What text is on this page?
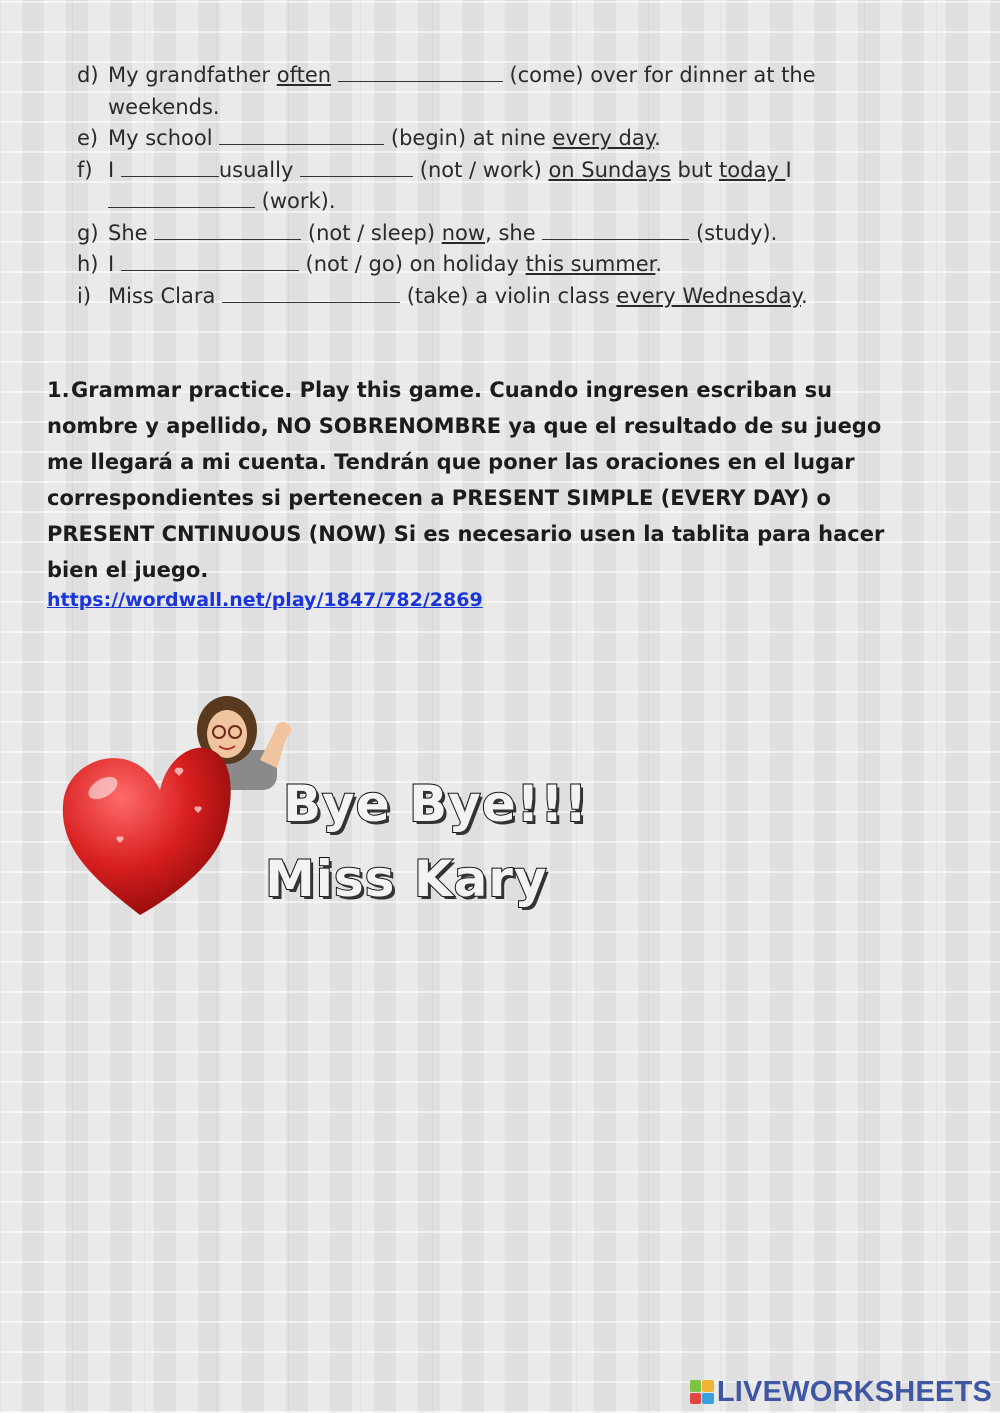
d) My grandfather often	(come) over for dinner at the weekends.
e) My school	(begin) at nine every day.
f) I	usually	(not / work) on Sundays but today I  (work).
g) She	(not / sleep) now, she	(study).
h) I	(not / go) on holiday this summer.
i) Miss Clara	(take) a violin class every Wednesday.
1.Grammar practice. Play this game. Cuando ingresen escriban su nombre y apellido, NO SOBRENOMBRE ya que el resultado de su juego me llegará a mi cuenta. Tendrán que poner las oraciones en el lugar correspondientes si pertenecen a PRESENT SIMPLE (EVERY DAY) o PRESENT CNTINUOUS (NOW) Si es necesario usen la tablita para hacer bien el juego.
https://wordwall.net/play/1847/782/2869
Bye Bye!!!
Miss Kary
LIVEWORKSHEETS
